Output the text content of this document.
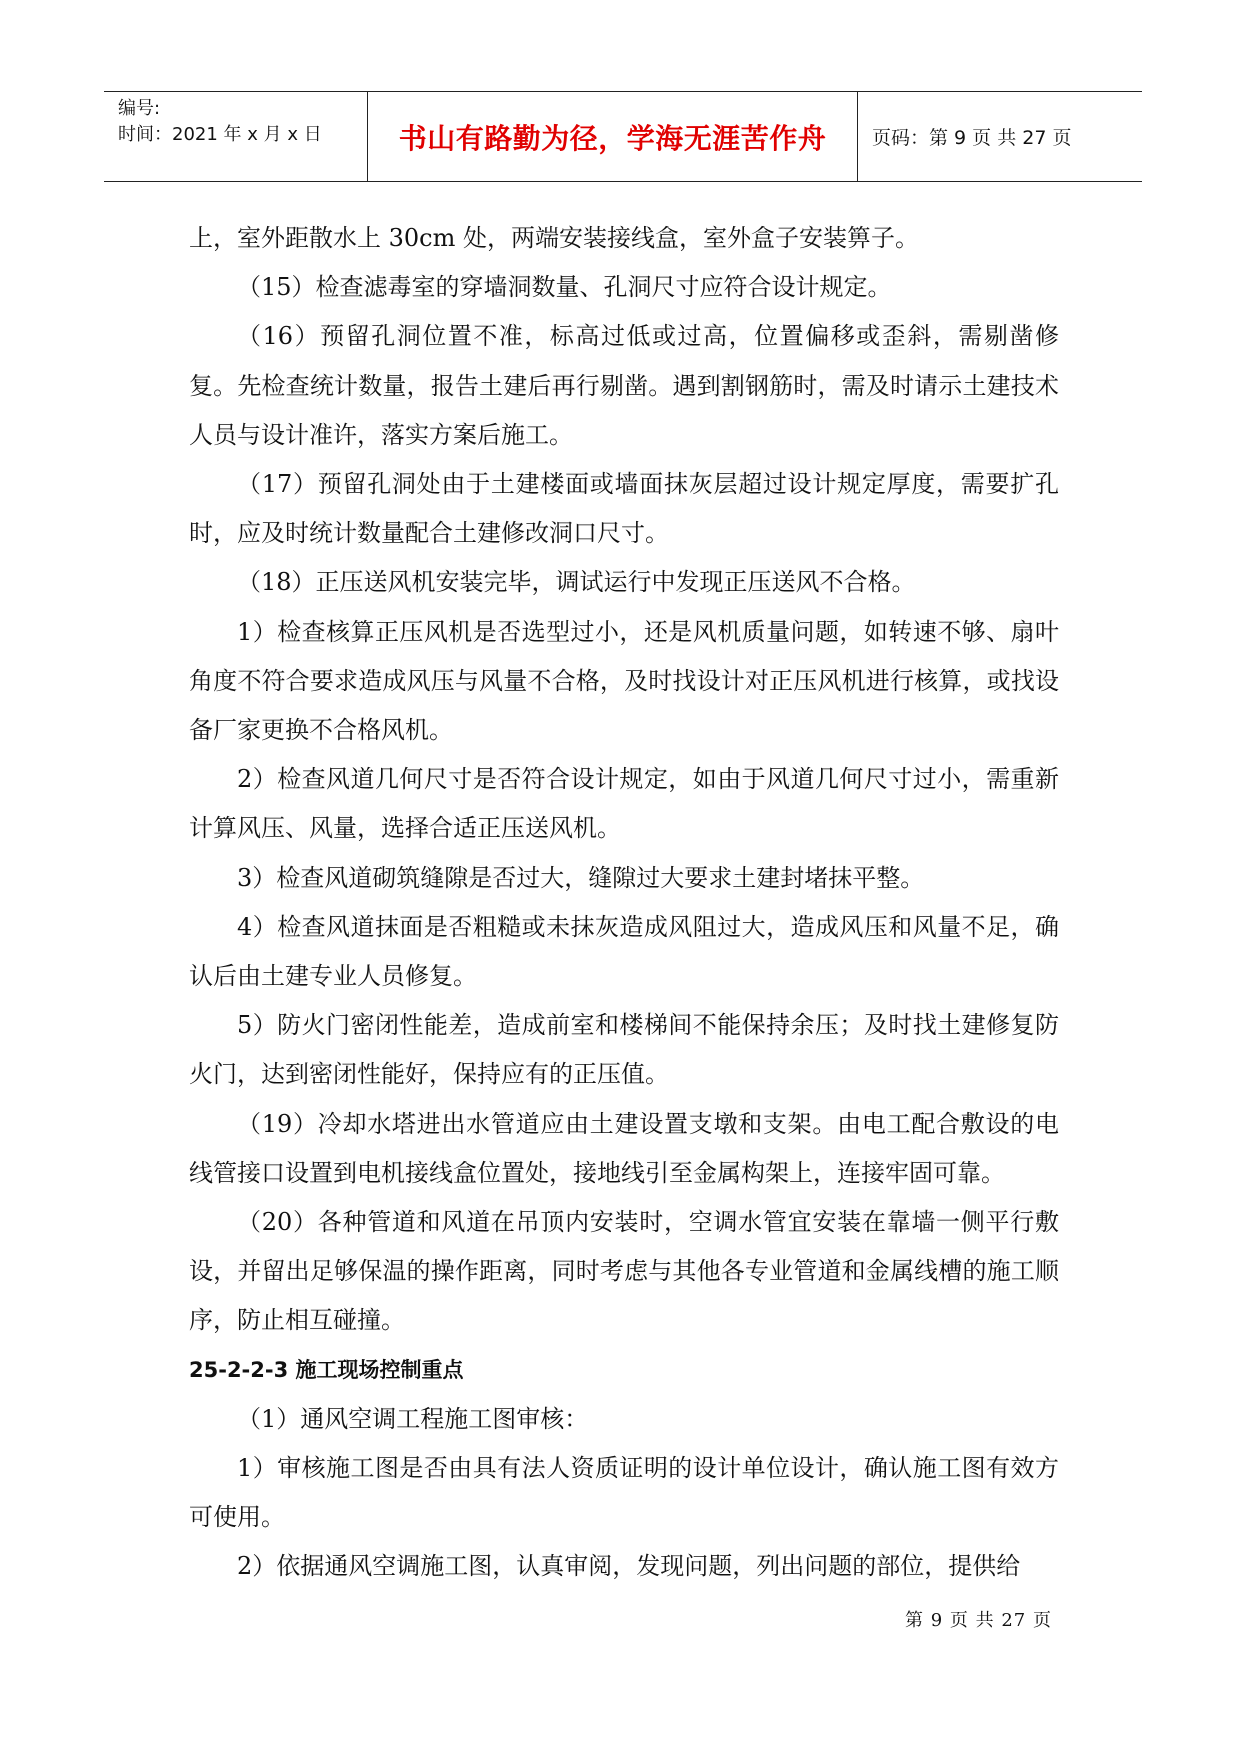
编号:
时间：2021 年 x 月 x 日	书山有路勤为径，学海无涯苦作舟	页码：第 9 页 共 27 页

上，室外距散水上 30cm 处，两端安装接线盒，室外盒子安装箅子。

（15）检查滤毒室的穿墙洞数量、孔洞尺寸应符合设计规定。

（16）预留孔洞位置不准，标高过低或过高，位置偏移或歪斜，需剔凿修复。先检查统计数量，报告土建后再行剔凿。遇到割钢筋时，需及时请示土建技术人员与设计准许，落实方案后施工。

（17）预留孔洞处由于土建楼面或墙面抹灰层超过设计规定厚度，需要扩孔时，应及时统计数量配合土建修改洞口尺寸。

（18）正压送风机安装完毕，调试运行中发现正压送风不合格。

1）检查核算正压风机是否选型过小，还是风机质量问题，如转速不够、扇叶角度不符合要求造成风压与风量不合格，及时找设计对正压风机进行核算，或找设备厂家更换不合格风机。

2）检查风道几何尺寸是否符合设计规定，如由于风道几何尺寸过小，需重新计算风压、风量，选择合适正压送风机。

3）检查风道砌筑缝隙是否过大，缝隙过大要求土建封堵抹平整。

4）检查风道抹面是否粗糙或未抹灰造成风阻过大，造成风压和风量不足，确认后由土建专业人员修复。

5）防火门密闭性能差，造成前室和楼梯间不能保持余压；及时找土建修复防火门，达到密闭性能好，保持应有的正压值。

（19）冷却水塔进出水管道应由土建设置支墩和支架。由电工配合敷设的电线管接口设置到电机接线盒位置处，接地线引至金属构架上，连接牢固可靠。

（20）各种管道和风道在吊顶内安装时，空调水管宜安装在靠墙一侧平行敷设，并留出足够保温的操作距离，同时考虑与其他各专业管道和金属线槽的施工顺序，防止相互碰撞。

25-2-2-3 施工现场控制重点

（1）通风空调工程施工图审核：

1）审核施工图是否由具有法人资质证明的设计单位设计，确认施工图有效方可使用。

2）依据通风空调施工图，认真审阅，发现问题，列出问题的部位，提供给

第 9 页 共 27 页
